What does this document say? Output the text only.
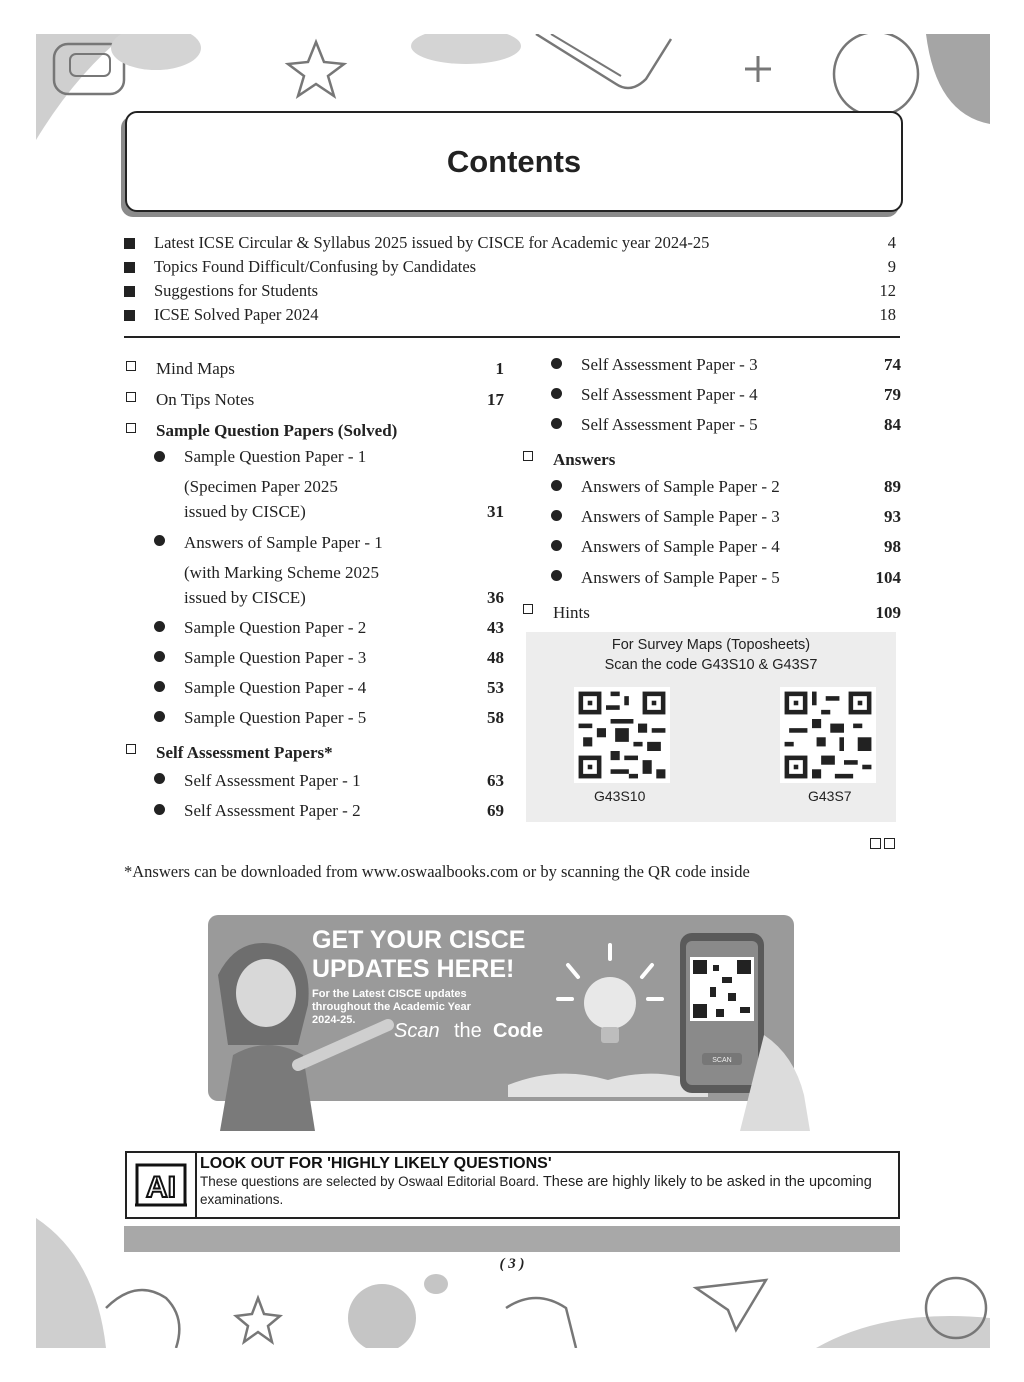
Contents
Latest ICSE Circular & Syllabus 2025 issued by CISCE for Academic year 2024-25	4
Topics Found Difficult/Confusing by Candidates	9
Suggestions for Students	12
ICSE Solved Paper 2024	18
Mind Maps	1
On Tips Notes	17
Sample Question Papers (Solved)
Sample Question Paper - 1
(Specimen Paper 2025
issued by CISCE)	31
Answers of Sample Paper - 1
(with Marking Scheme 2025
issued by CISCE)	36
Sample Question Paper - 2	43
Sample Question Paper - 3	48
Sample Question Paper - 4	53
Sample Question Paper - 5	58
Self Assessment Papers*
Self Assessment Paper - 1	63
Self Assessment Paper - 2	69
Self Assessment Paper - 3	74
Self Assessment Paper - 4	79
Self Assessment Paper - 5	84
Answers
Answers of Sample Paper - 2	89
Answers of Sample Paper - 3	93
Answers of Sample Paper - 4	98
Answers of Sample Paper - 5	104
Hints	109
For Survey Maps (Toposheets)
Scan the code G43S10 & G43S7
G43S10	G43S7
*Answers can be downloaded from www.oswaalbooks.com or by scanning the QR code inside
GET YOUR CISCE
UPDATES HERE!
For the Latest CISCE updates
throughout the Academic Year
2024-25. Scan the Code
SCAN
AI
LOOK OUT FOR 'HIGHLY LIKELY QUESTIONS'
These questions are selected by Oswaal Editorial Board. These are highly likely to be asked in the upcoming
examinations.
( 3 )
